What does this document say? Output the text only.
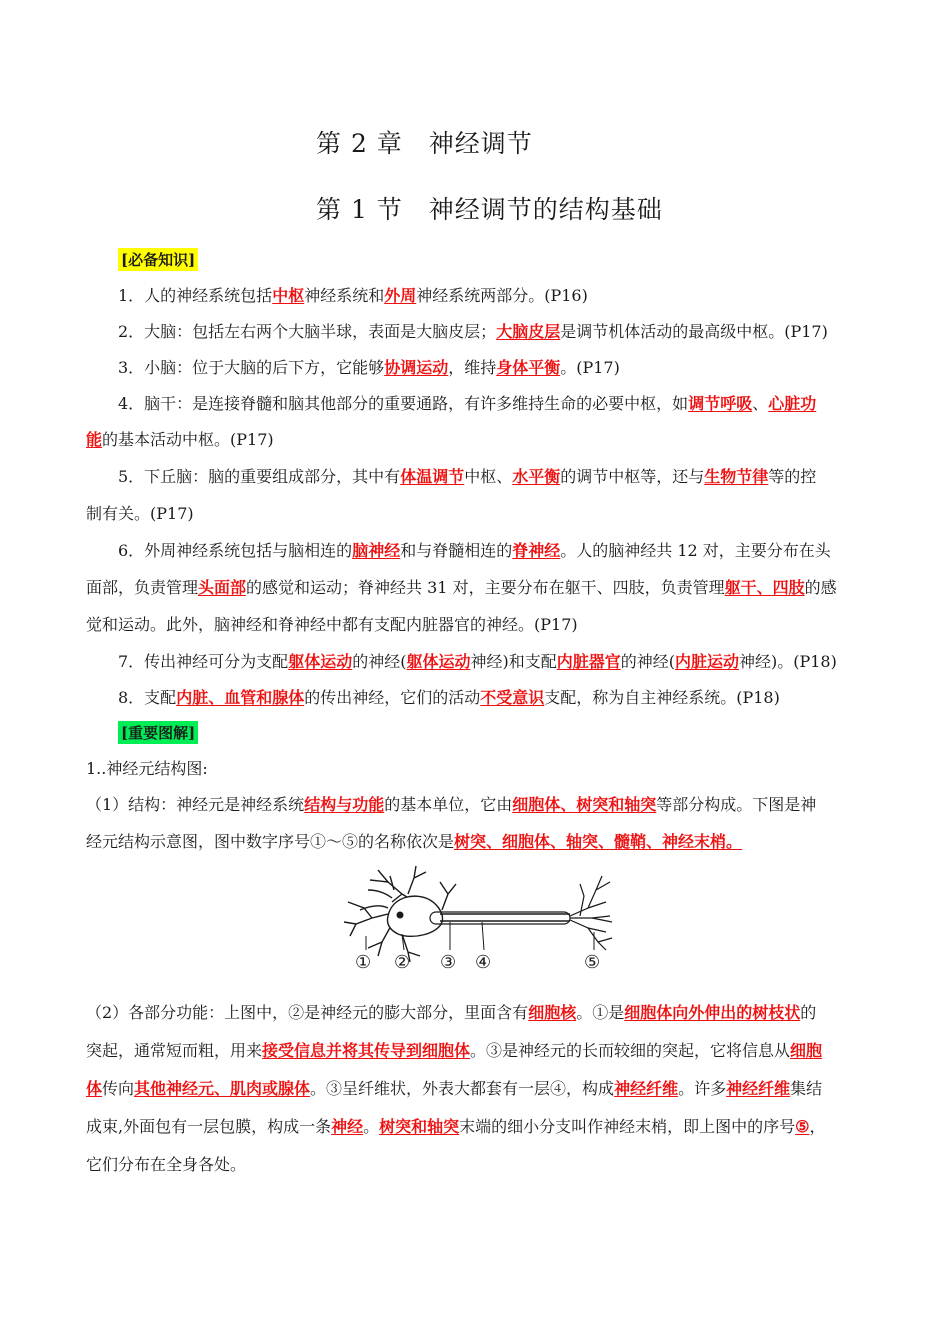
第 2 章　神经调节
第 1 节　神经调节的结构基础
[必备知识]
1．人的神经系统包括中枢神经系统和外周神经系统两部分。(P16)
2．大脑：包括左右两个大脑半球，表面是大脑皮层；大脑皮层是调节机体活动的最高级中枢。(P17)
3．小脑：位于大脑的后下方，它能够协调运动，维持身体平衡。(P17)
4．脑干：是连接脊髓和脑其他部分的重要通路，有许多维持生命的必要中枢，如调节呼吸、心脏功
能的基本活动中枢。(P17)
5．下丘脑：脑的重要组成部分，其中有体温调节中枢、水平衡的调节中枢等，还与生物节律等的控
制有关。(P17)
6．外周神经系统包括与脑相连的脑神经和与脊髓相连的脊神经。人的脑神经共 12 对，主要分布在头
面部，负责管理头面部的感觉和运动；脊神经共 31 对，主要分布在躯干、四肢，负责管理躯干、四肢的感
觉和运动。此外，脑神经和脊神经中都有支配内脏器官的神经。(P17)
7．传出神经可分为支配躯体运动的神经(躯体运动神经)和支配内脏器官的神经(内脏运动神经)。(P18)
8．支配内脏、血管和腺体的传出神经，它们的活动不受意识支配，称为自主神经系统。(P18)
[重要图解]
1..神经元结构图:
（1）结构：神经元是神经系统结构与功能的基本单位，它由细胞体、树突和轴突等部分构成。下图是神
经元结构示意图，图中数字序号①～⑤的名称依次是树突、细胞体、轴突、髓鞘、神经末梢。
① ② ③ ④	⑤
（2）各部分功能：上图中，②是神经元的膨大部分，里面含有细胞核。①是细胞体向外伸出的树枝状的
突起，通常短而粗，用来接受信息并将其传导到细胞体。③是神经元的长而较细的突起，它将信息从细胞
体传向其他神经元、肌肉或腺体。③呈纤维状，外表大都套有一层④，构成神经纤维。许多神经纤维集结
成束,外面包有一层包膜，构成一条神经。树突和轴突末端的细小分支叫作神经末梢，即上图中的序号⑤，
它们分布在全身各处。
